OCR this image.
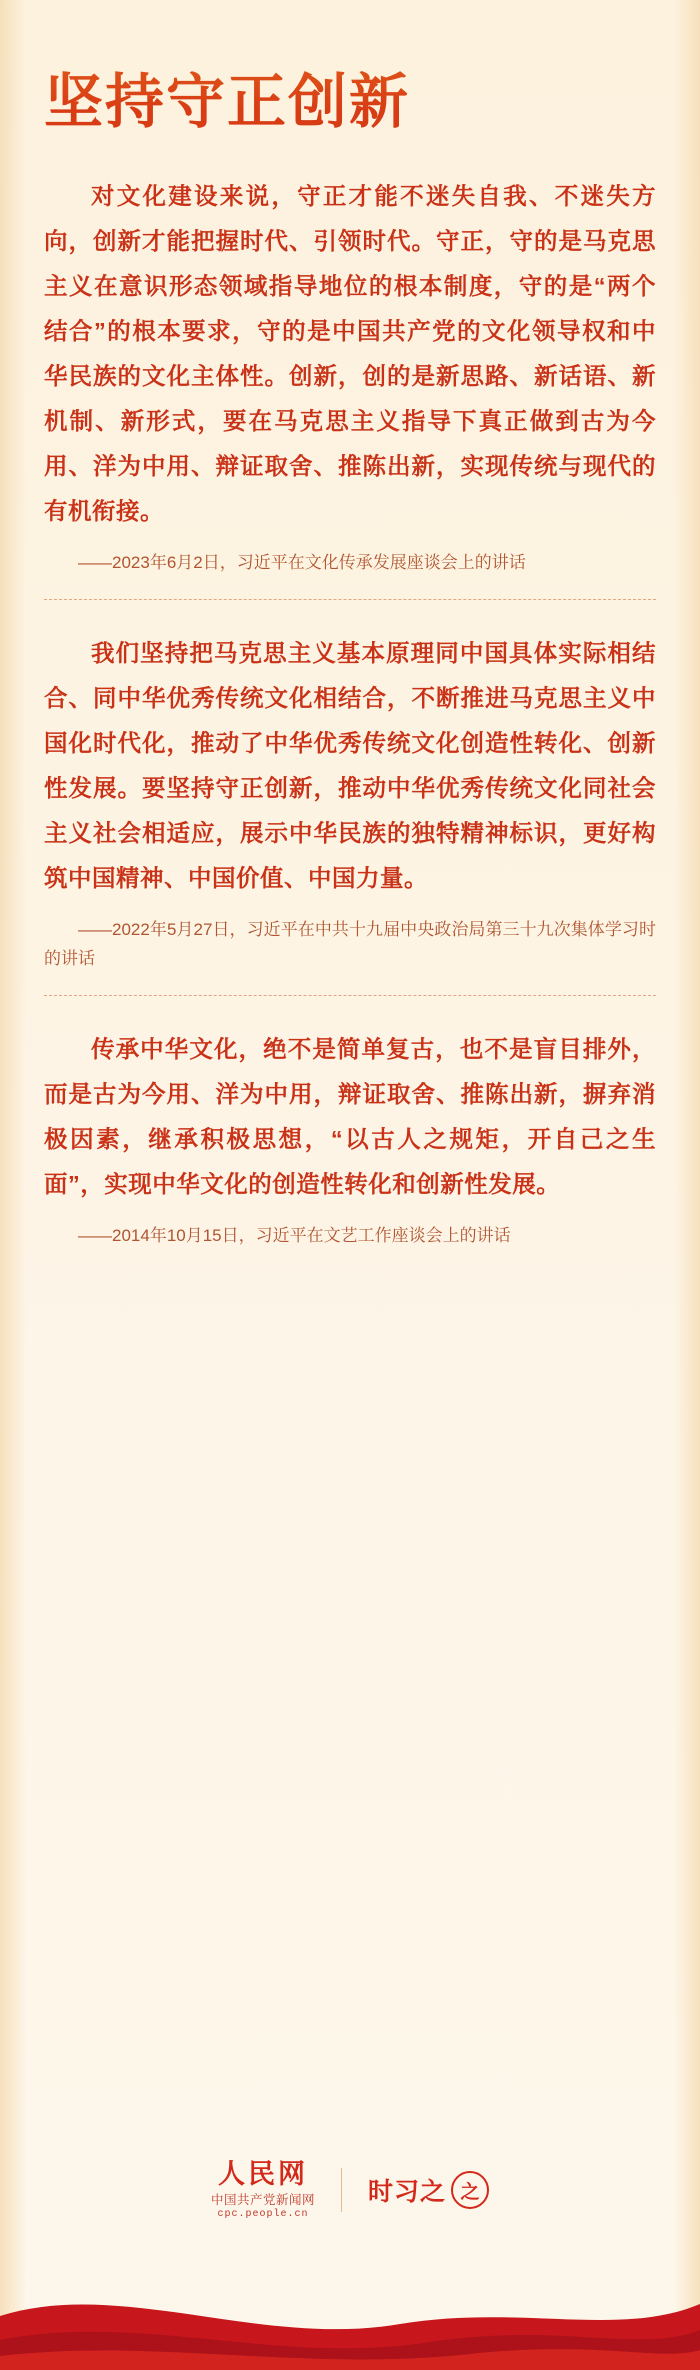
坚持守正创新

对文化建设来说，守正才能不迷失自我、不迷失方向，创新才能把握时代、引领时代。守正，守的是马克思主义在意识形态领域指导地位的根本制度，守的是“两个结合”的根本要求，守的是中国共产党的文化领导权和中华民族的文化主体性。创新，创的是新思路、新话语、新机制、新形式，要在马克思主义指导下真正做到古为今用、洋为中用、辩证取舍、推陈出新，实现传统与现代的有机衔接。

——2023年6月2日，习近平在文化传承发展座谈会上的讲话

我们坚持把马克思主义基本原理同中国具体实际相结合、同中华优秀传统文化相结合，不断推进马克思主义中国化时代化，推动了中华优秀传统文化创造性转化、创新性发展。要坚持守正创新，推动中华优秀传统文化同社会主义社会相适应，展示中华民族的独特精神标识，更好构筑中国精神、中国价值、中国力量。

——2022年5月27日，习近平在中共十九届中央政治局第三十九次集体学习时的讲话

传承中华文化，绝不是简单复古，也不是盲目排外，而是古为今用、洋为中用，辩证取舍、推陈出新，摒弃消极因素，继承积极思想，“以古人之规矩，开自己之生面”，实现中华文化的创造性转化和创新性发展。

——2014年10月15日，习近平在文艺工作座谈会上的讲话

人民网
中国共产党新闻网
cpc.people.cn
时习之 之
